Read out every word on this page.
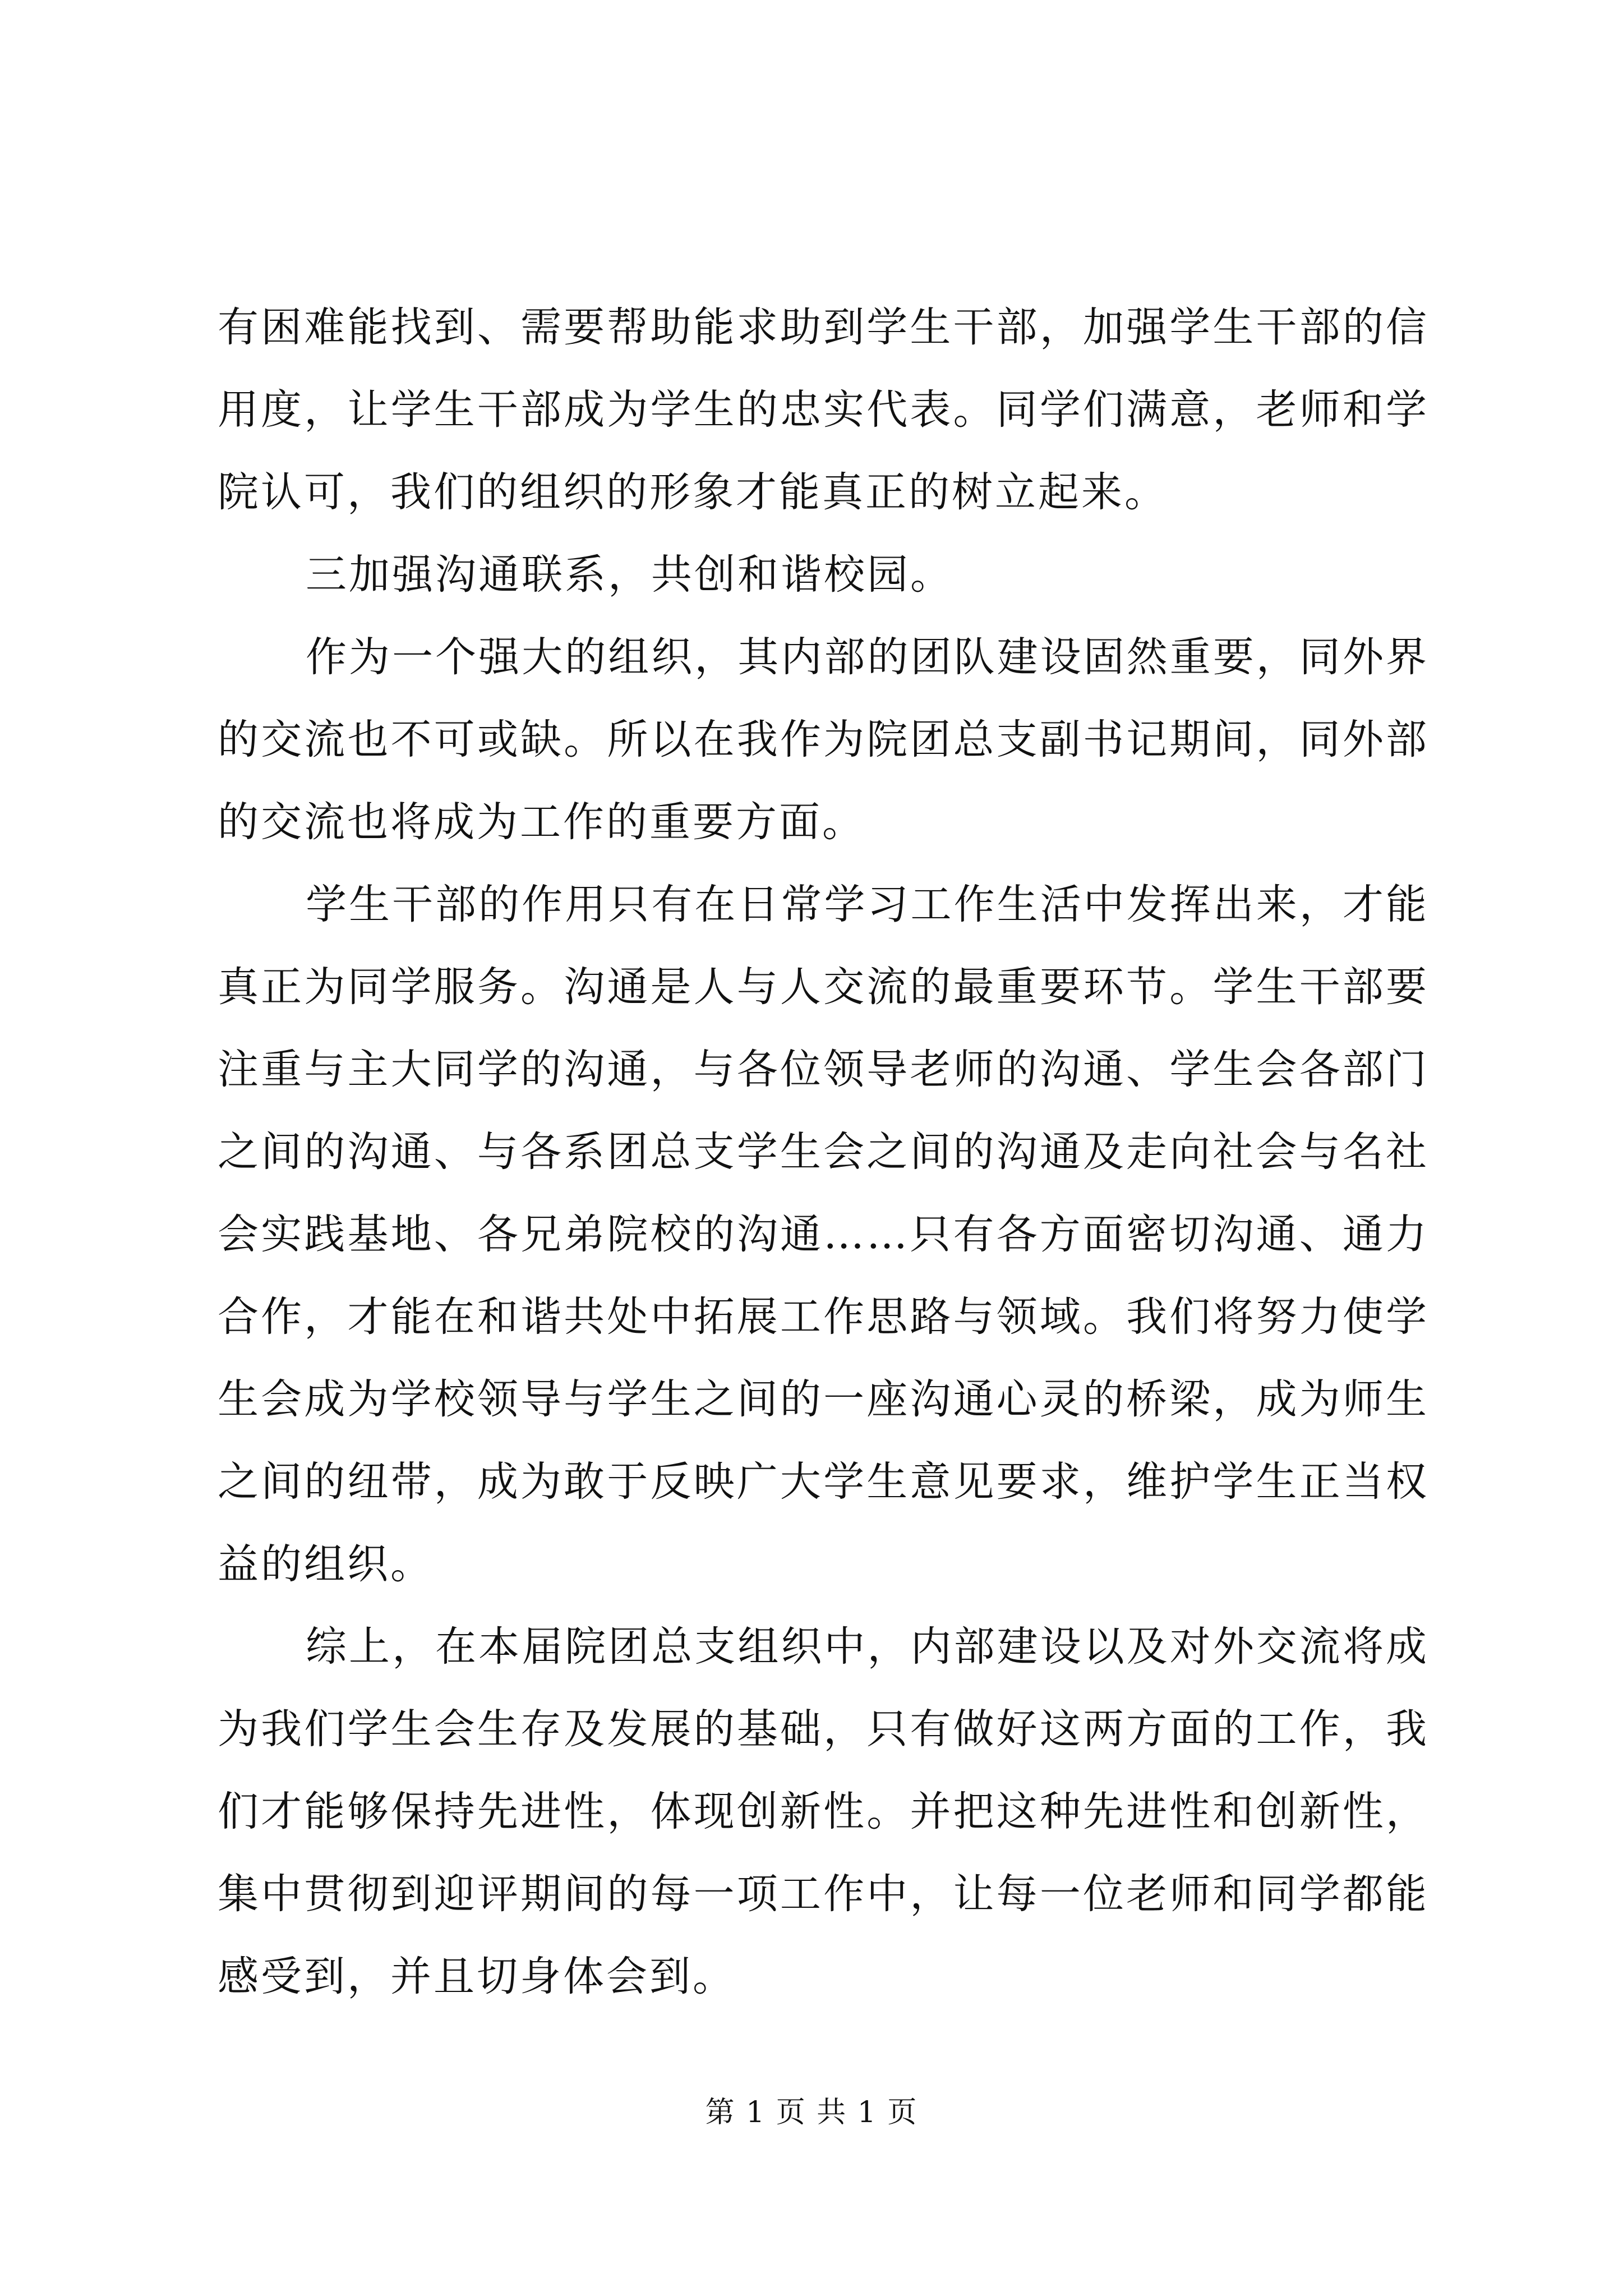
有困难能找到、需要帮助能求助到学生干部，加强学生干部的信用度，让学生干部成为学生的忠实代表。同学们满意，老师和学院认可，我们的组织的形象才能真正的树立起来。

三加强沟通联系，共创和谐校园。

作为一个强大的组织，其内部的团队建设固然重要，同外界的交流也不可或缺。所以在我作为院团总支副书记期间，同外部的交流也将成为工作的重要方面。

学生干部的作用只有在日常学习工作生活中发挥出来，才能真正为同学服务。沟通是人与人交流的最重要环节。学生干部要注重与主大同学的沟通，与各位领导老师的沟通、学生会各部门之间的沟通、与各系团总支学生会之间的沟通及走向社会与名社会实践基地、各兄弟院校的沟通……只有各方面密切沟通、通力合作，才能在和谐共处中拓展工作思路与领域。我们将努力使学生会成为学校领导与学生之间的一座沟通心灵的桥梁，成为师生之间的纽带，成为敢于反映广大学生意见要求，维护学生正当权益的组织。

综上，在本届院团总支组织中，内部建设以及对外交流将成为我们学生会生存及发展的基础，只有做好这两方面的工作，我们才能够保持先进性，体现创新性。并把这种先进性和创新性，集中贯彻到迎评期间的每一项工作中，让每一位老师和同学都能感受到，并且切身体会到。

第 1 页 共 1 页
